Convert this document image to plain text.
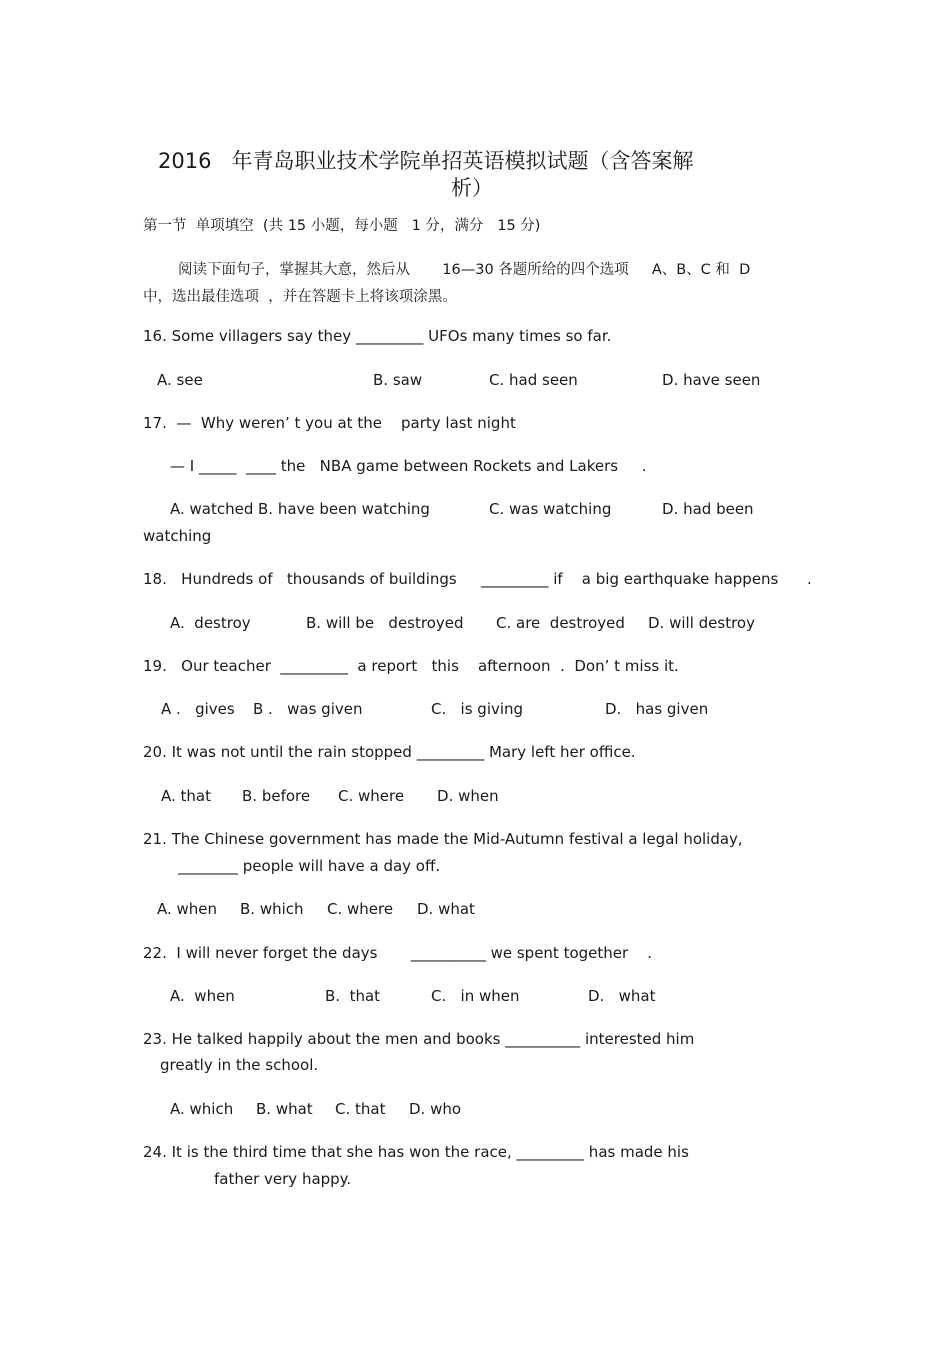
2016   年青岛职业技术学院单招英语模拟试题（含答案解
析）
第一节  单项填空  (共 15 小题，每小题   1 分，满分   15 分)
阅读下面句子，掌握其大意，然后从       16—30 各题所给的四个选项     A、B、C 和  D
中，选出最佳选项  ，并在答题卡上将该项涂黑。
16. Some villagers say they _________ UFOs many times so far.
A. see	B. saw	C. had seen	D. have seen
17.  —  Why weren’ t you at the    party last night
— I _____  ____ the   NBA game between Rockets and Lakers     .
A. watched B. have been watching	C. was watching	D. had been
watching
18.   Hundreds of   thousands of buildings _________ if    a big earthquake happens      .
A.  destroy	B. will be   destroyed C. are  destroyed D. will destroy
19.   Our teacher  _________  a report   this    afternoon  .  Don’ t miss it.
A .   gives B .   was given	C.   is giving	D.   has given
20. It was not until the rain stopped _________ Mary left her office.
A. that B. before C. where D. when
21. The Chinese government has made the Mid-Autumn festival a legal holiday,
________ people will have a day off.
A. when B. which C. where D. what
22.  I will never forget the days       __________ we spent together    .
A.  when	B.  that	C.   in when	D.   what
23. He talked happily about the men and books __________ interested him
greatly in the school.
A. which B. what C. that D. who
24. It is the third time that she has won the race, _________ has made his
father very happy.
